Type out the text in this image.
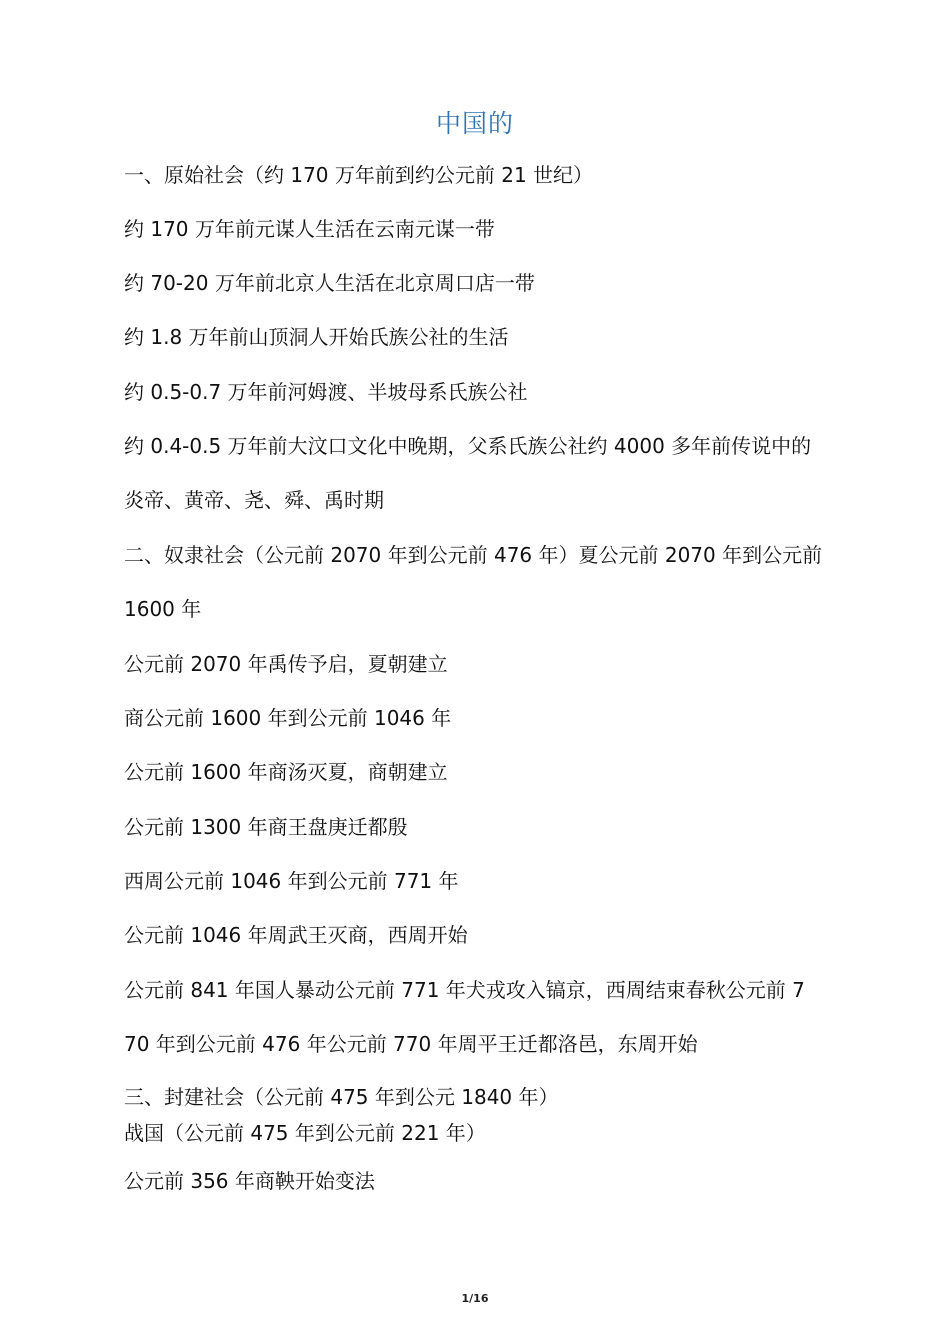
中国的
一、原始社会（约 170 万年前到约公元前 21 世纪）
约 170 万年前元谋人生活在云南元谋一带
约 70-20 万年前北京人生活在北京周口店一带
约 1.8 万年前山顶洞人开始氏族公社的生活
约 0.5-0.7 万年前河姆渡、半坡母系氏族公社
约 0.4-0.5 万年前大汶口文化中晚期，父系氏族公社约 4000 多年前传说中的
炎帝、黄帝、尧、舜、禹时期
二、奴隶社会（公元前 2070 年到公元前 476 年）夏公元前 2070 年到公元前
1600 年
公元前 2070 年禹传予启，夏朝建立
商公元前 1600 年到公元前 1046 年
公元前 1600 年商汤灭夏，商朝建立
公元前 1300 年商王盘庚迁都殷
西周公元前 1046 年到公元前 771 年
公元前 1046 年周武王灭商，西周开始
公元前 841 年国人暴动公元前 771 年犬戎攻入镐京，西周结束春秋公元前 7
70 年到公元前 476 年公元前 770 年周平王迁都洛邑，东周开始
三、封建社会（公元前 475 年到公元 1840 年）
战国（公元前 475 年到公元前 221 年）
公元前 356 年商鞅开始变法
1/16
